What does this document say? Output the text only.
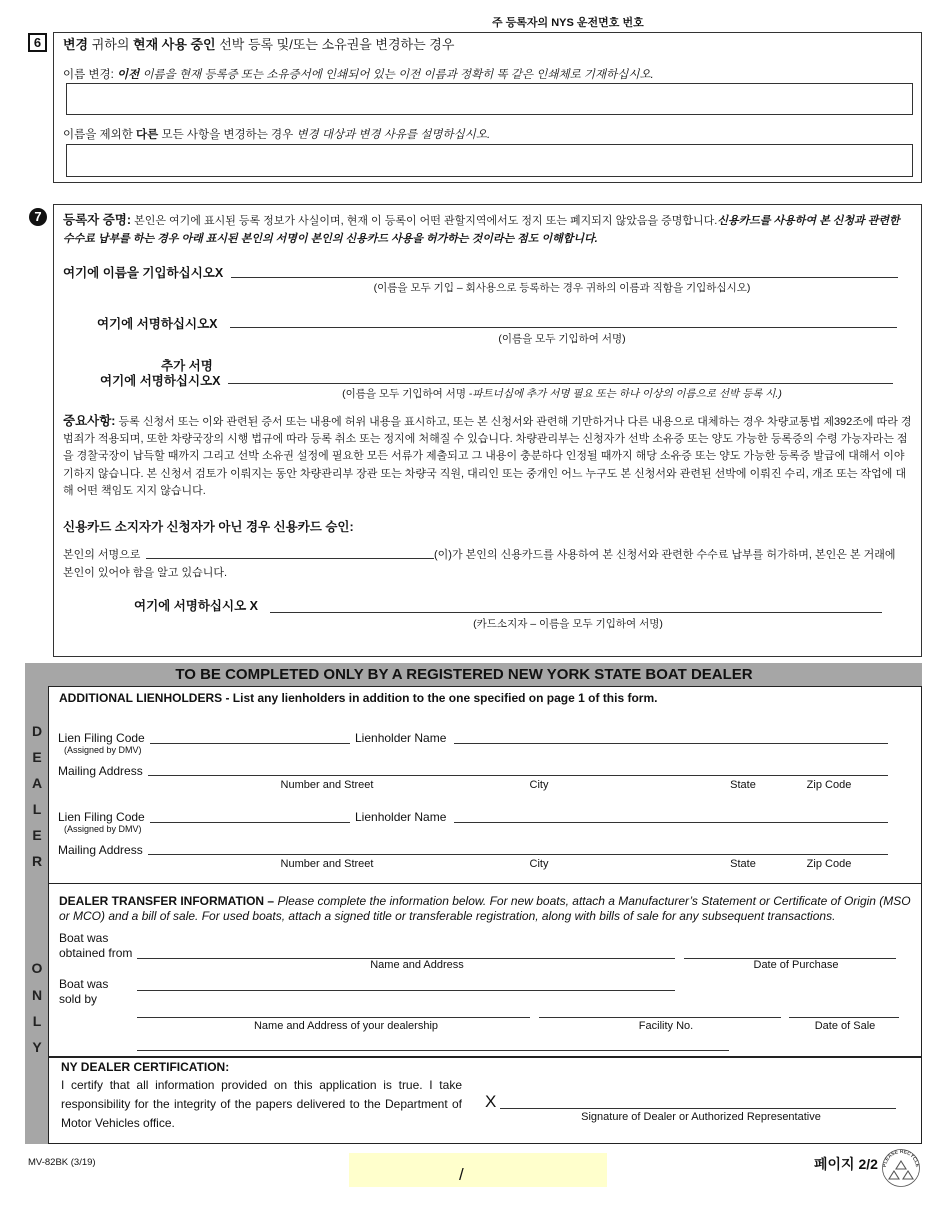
주 등록자의 NYS 운전면호 번호
6	변경 귀하의 현재 사용 중인 선박 등록 및/또는 소유권을 변경하는 경우
이름 변경: 이전 이름을 현재 등록증 또는 소유증서에 인쇄되어 있는 이전 이름과 정확히 똑 같은 인쇄체로 기재하십시오.
이름을 제외한 다른 모든 사항을 변경하는 경우 변경 대상과 변경 사유를 설명하십시오.
7	등록자 증명: 본인은 여기에 표시된 등록 정보가 사실이며, 현재 이 등록이 어떤 관할지역에서도 정지 또는 폐지되지 않았음을 증명합니다.신용카드를 사용하여 본 신청과 관련한 수수료 납부를 하는 경우 아래 표시된 본인의 서명이 본인의 신용카드 사용을 허가하는 것이라는 점도 이해합니다.
여기에 이름을 기입하십시오X
(이름을 모두 기입 – 회사용으로 등록하는 경우 귀하의 이름과 직함을 기입하십시오)
여기에 서명하십시오X
(이름을 모두 기입하여 서명)
추가 서명
여기에 서명하십시오X
(이름을 모두 기입하여 서명 -파트너십에 추가 서명 필요 또는 하나 이상의 이름으로 선박 등록 시.)
중요사항: 등록 신청서 또는 이와 관련된 증서 또는 내용에 허위 내용을 표시하고, 또는 본 신청서와 관련해 기만하거나 다른 내용으로 대체하는 경우 차량교통법 제392조에 따라 경범죄가 적용되며, 또한 차량국장의 시행 법규에 따라 등록 취소 또는 정지에 처해질 수 있습니다. 차량관리부는 신청자가 선박 소유증 또는 양도 가능한 등록증의 수령 가능자라는 점을 경찰국장이 납득할 때까지 그리고 선박 소유권 설정에 필요한 모든 서류가 제출되고 그 내용이 충분하다 인정될 때까지 해당 소유증 또는 양도 가능한 등록증 발급에 대해서 이야기하지 않습니다. 본 신청서 검토가 이뤄지는 동안 차량관리부 장관 또는 차량국 직원, 대리인 또는 중개인 어느 누구도 본 신청서와 관련된 선박에 이뤄진 수리, 개조 또는 작업에 대해 어떤 책임도 지지 않습니다.
신용카드 소지자가 신청자가 아닌 경우 신용카드 승인:
본인의 서명으로	(이)가 본인의 신용카드를 사용하여 본 신청서와 관련한 수수료 납부를 허가하며, 본인은 본 거래에
본인이 있어야 함을 알고 있습니다.
여기에 서명하십시오 X
(카드소지자 – 이름을 모두 기입하여 서명)
TO BE COMPLETED ONLY BY A REGISTERED NEW YORK STATE BOAT DEALER
D
E
A
L
E
R
O
N
L
Y
ADDITIONAL LIENHOLDERS - List any lienholders in addition to the one specified on page 1 of this form.
Lien Filing Code
(Assigned by DMV)
Lienholder Name
Mailing Address
Number and Street	City	State	Zip Code
Lien Filing Code
(Assigned by DMV)
Lienholder Name
Mailing Address
Number and Street	City	State	Zip Code
DEALER TRANSFER INFORMATION – Please complete the information below. For new boats, attach a Manufacturer’s Statement or Certificate of Origin (MSO or MCO) and a bill of sale. For used boats, attach a signed title or transferable registration, along with bills of sale for any subsequent transactions.
Boat was
obtained from
Name and Address	Date of Purchase
Boat was
sold by
Name and Address of your dealership	Facility No.	Date of Sale
NY DEALER CERTIFICATION:
I certify that all information provided on this application is true. I take responsibility for the integrity of the papers delivered to the Department of Motor Vehicles office.
X
Signature of Dealer or Authorized Representative
MV-82BK (3/19)
/
페이지 2/2 PLEASE RECYCLE
